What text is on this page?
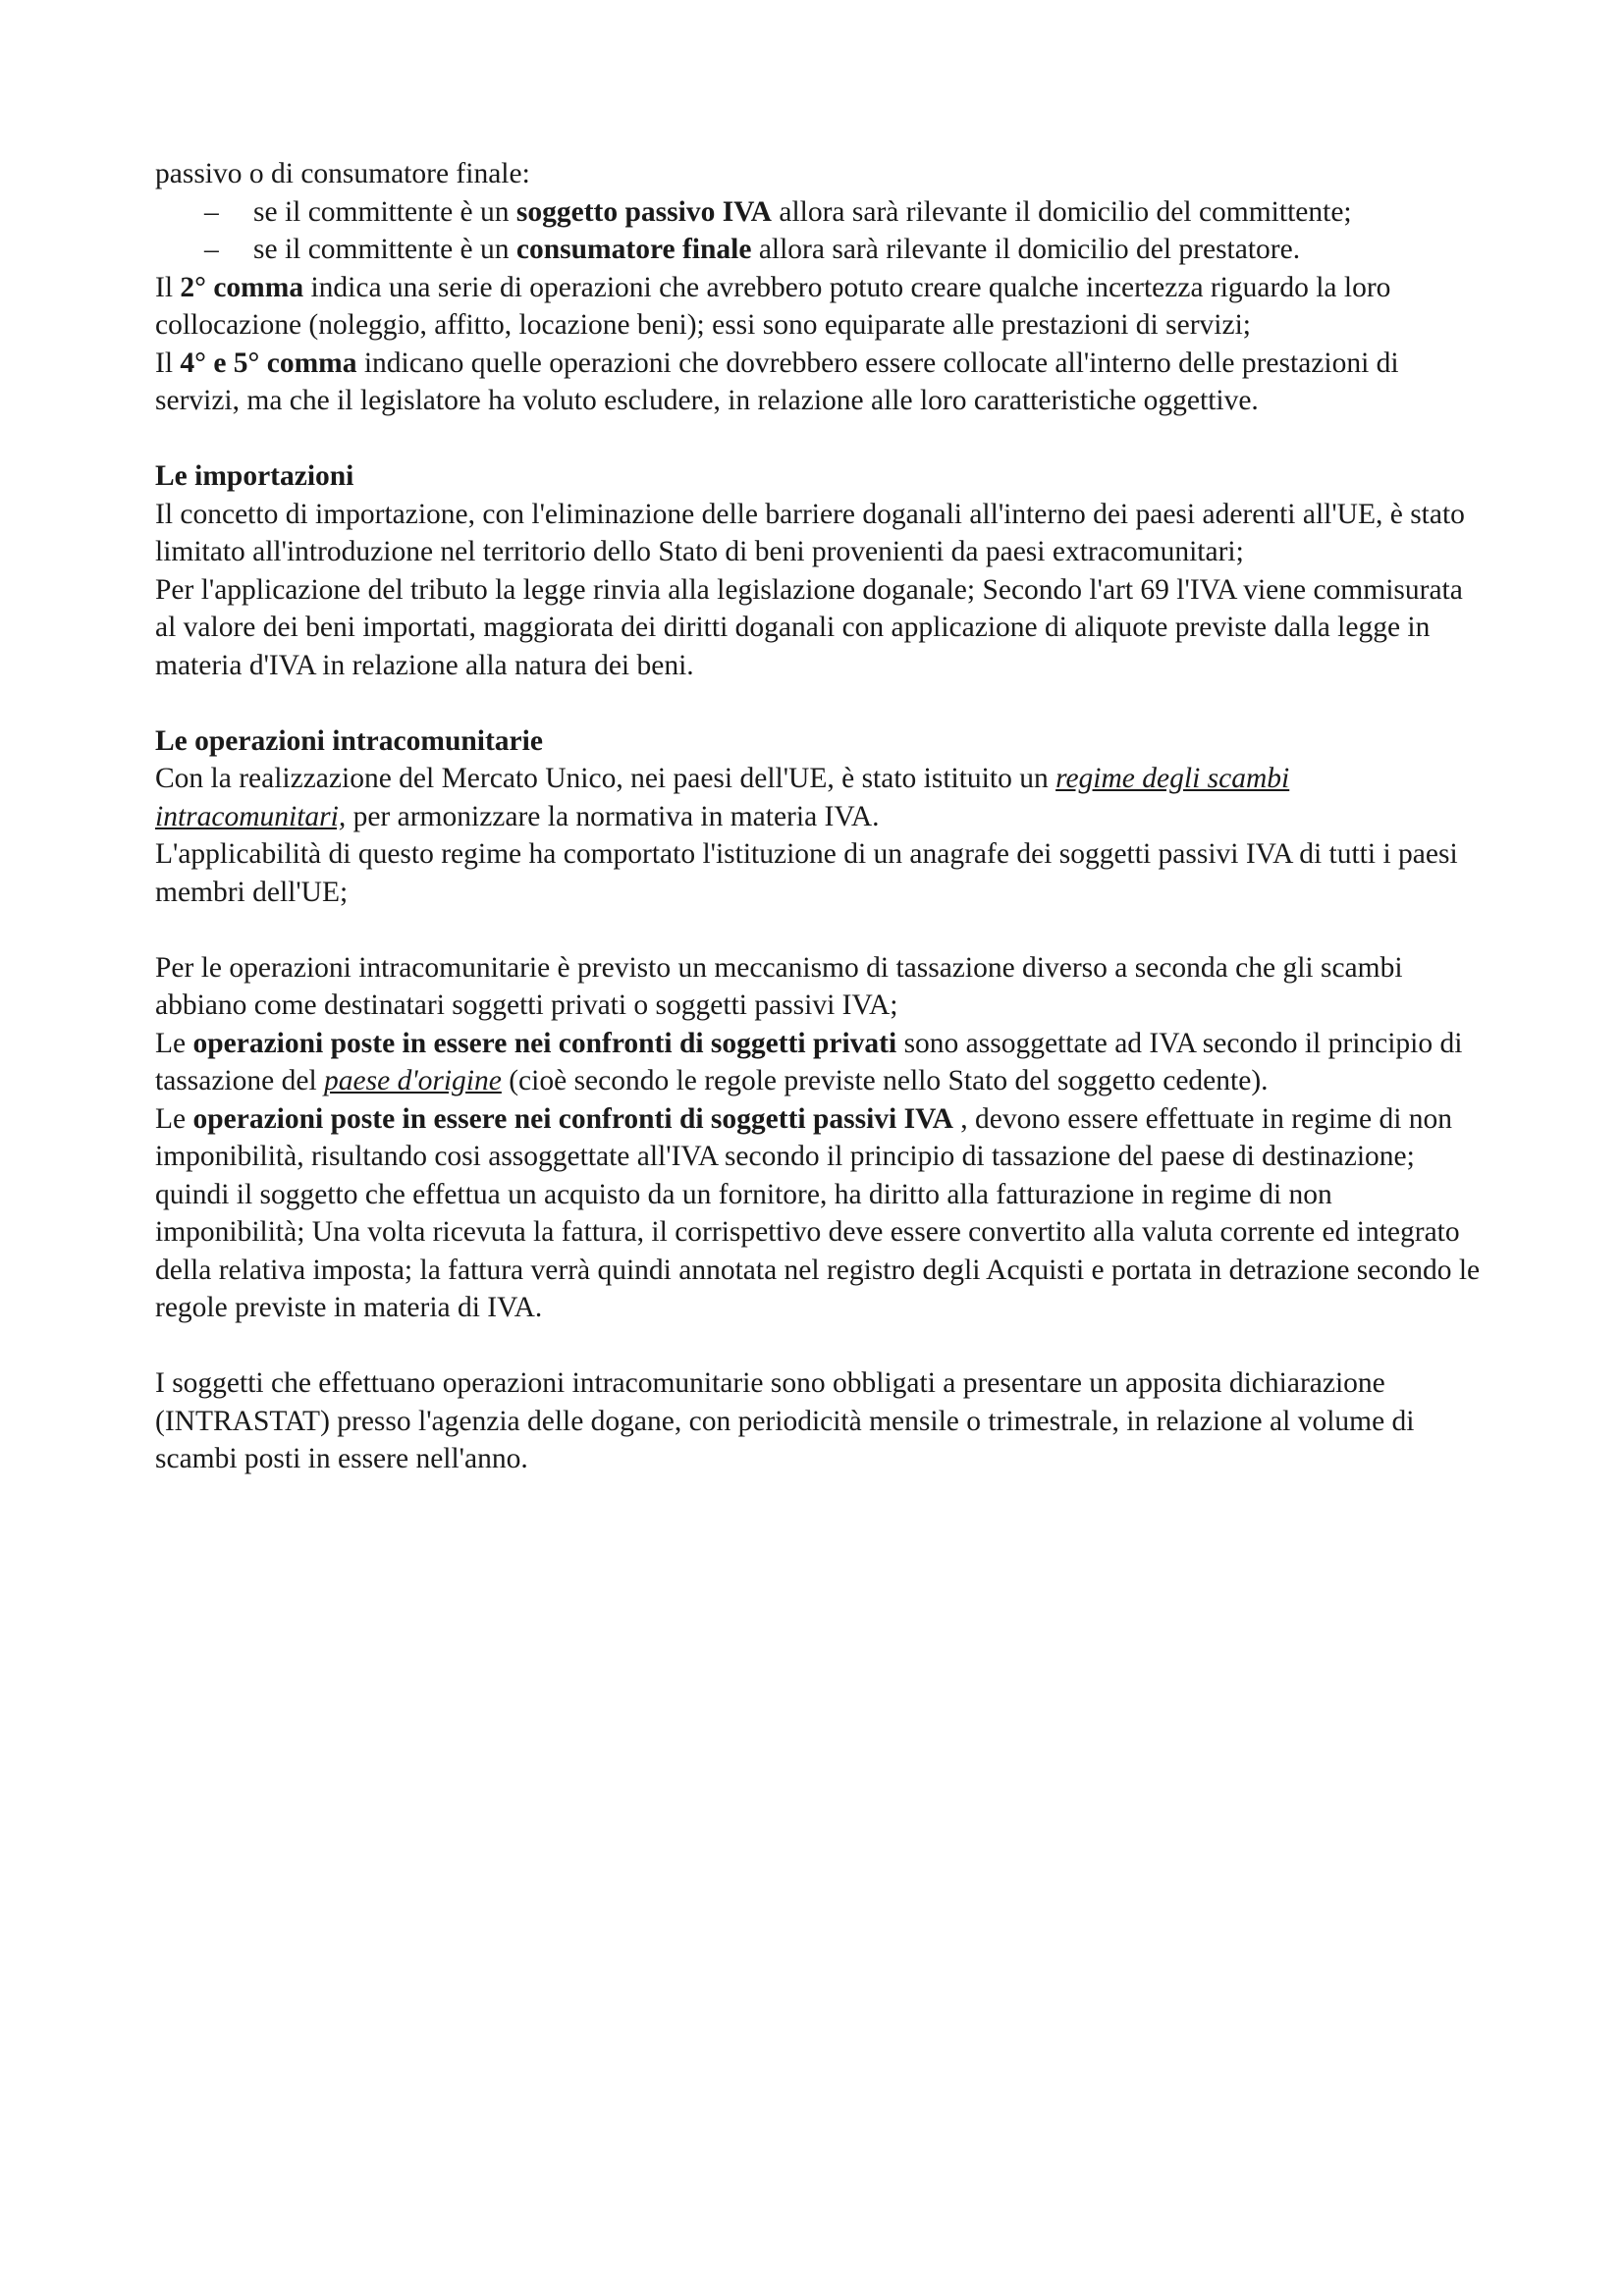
passivo o di consumatore finale:

– se il committente è un soggetto passivo IVA allora sarà rilevante il domicilio del committente;
– se il committente è un consumatore finale allora sarà rilevante il domicilio del prestatore.

Il 2° comma indica una serie di operazioni che avrebbero potuto creare qualche incertezza riguardo la loro collocazione (noleggio, affitto, locazione beni); essi sono equiparate alle prestazioni di servizi;

Il 4° e 5° comma indicano quelle operazioni che dovrebbero essere collocate all'interno delle prestazioni di servizi, ma che il legislatore ha voluto escludere, in relazione alle loro caratteristiche oggettive.

Le importazioni

Il concetto di importazione, con l'eliminazione delle barriere doganali all'interno dei paesi aderenti all'UE, è stato limitato all'introduzione nel territorio dello Stato di beni provenienti da paesi extracomunitari;

Per l'applicazione del tributo la legge rinvia alla legislazione doganale; Secondo l'art 69 l'IVA viene commisurata al valore dei beni importati, maggiorata dei diritti doganali con applicazione di aliquote previste dalla legge in materia d'IVA in relazione alla natura dei beni.

Le operazioni intracomunitarie

Con la realizzazione del Mercato Unico, nei paesi dell'UE, è stato istituito un regime degli scambi intracomunitari, per armonizzare la normativa in materia IVA.

L'applicabilità di questo regime ha comportato l'istituzione di un anagrafe dei soggetti passivi IVA di tutti i paesi membri dell'UE;

Per le operazioni intracomunitarie è previsto un meccanismo di tassazione diverso a seconda che gli scambi abbiano come destinatari soggetti privati o soggetti passivi IVA;

Le operazioni poste in essere nei confronti di soggetti privati sono assoggettate ad IVA secondo il principio di tassazione del paese d'origine (cioè secondo le regole previste nello Stato del soggetto cedente).

Le operazioni poste in essere nei confronti di soggetti passivi IVA , devono essere effettuate in regime di non imponibilità, risultando cosi assoggettate all'IVA secondo il principio di tassazione del paese di destinazione; quindi il soggetto che effettua un acquisto da un fornitore, ha diritto alla fatturazione in regime di non imponibilità; Una volta ricevuta la fattura, il corrispettivo deve essere convertito alla valuta corrente ed integrato della relativa imposta; la fattura verrà quindi annotata nel registro degli Acquisti e portata in detrazione secondo le regole previste in materia di IVA.

I soggetti che effettuano operazioni intracomunitarie sono obbligati a presentare un apposita dichiarazione (INTRASTAT) presso l'agenzia delle dogane, con periodicità mensile o trimestrale, in relazione al volume di scambi posti in essere nell'anno.
